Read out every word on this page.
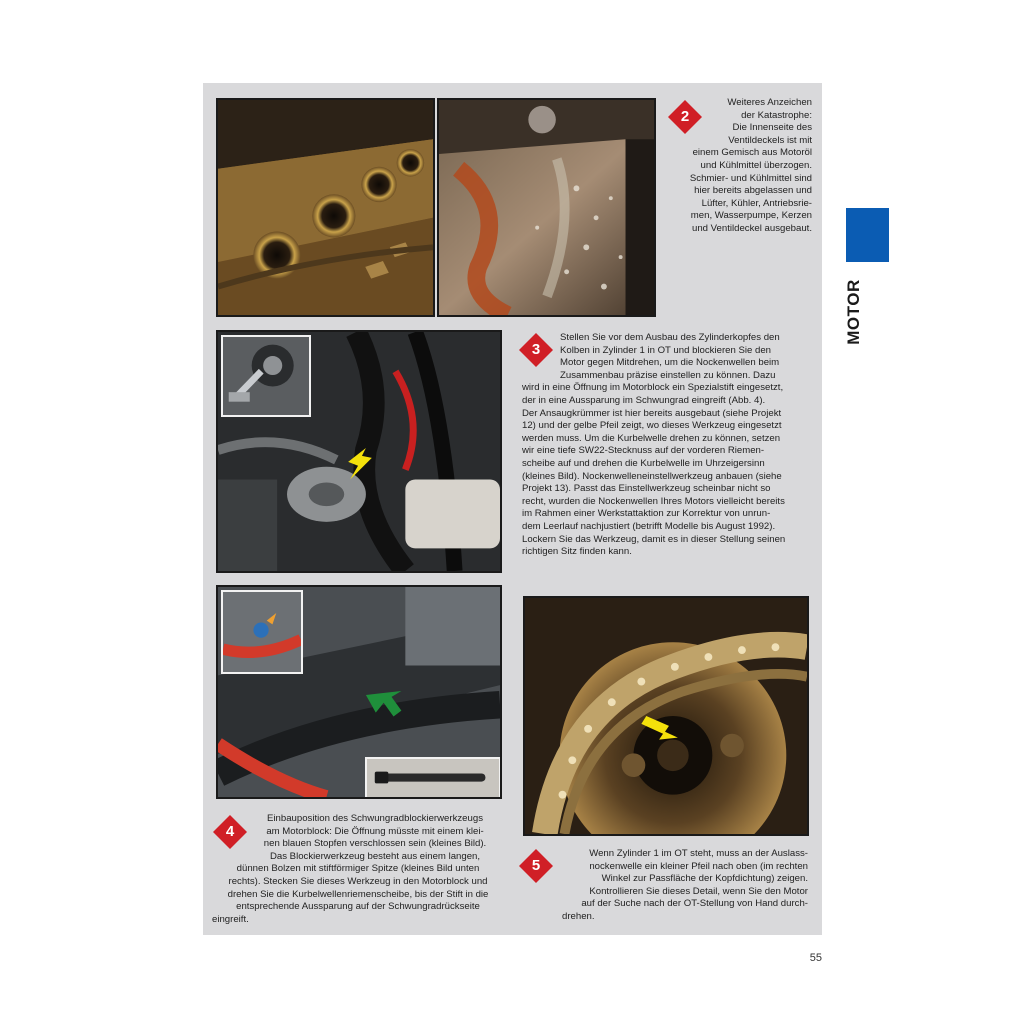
2
3
4
5
Weiteres Anzeichen
der Katastrophe:
Die Innenseite des
Ventildeckels ist mit
einem Gemisch aus Motoröl
und Kühlmittel überzogen.
Schmier- und Kühlmittel sind
hier bereits abgelassen und
Lüfter, Kühler, Antriebsrie-
men, Wasserpumpe, Kerzen
und Ventildeckel ausgebaut.
Stellen Sie vor dem Ausbau des Zylinderkopfes den
Kolben in Zylinder 1 in OT und blockieren Sie den
Motor gegen Mitdrehen, um die Nockenwellen beim
Zusammenbau präzise einstellen zu können. Dazu
wird in eine Öffnung im Motorblock ein Spezialstift eingesetzt,
der in eine Aussparung im Schwungrad eingreift (Abb. 4).
Der Ansaugkrümmer ist hier bereits ausgebaut (siehe Projekt
12) und der gelbe Pfeil zeigt, wo dieses Werkzeug eingesetzt
werden muss. Um die Kurbelwelle drehen zu können, setzen
wir eine tiefe SW22-Stecknuss auf der vorderen Riemen-
scheibe auf und drehen die Kurbelwelle im Uhrzeigersinn
(kleines Bild). Nockenwelleneinstellwerkzeug anbauen (siehe
Projekt 13). Passt das Einstellwerkzeug scheinbar nicht so
recht, wurden die Nockenwellen Ihres Motors vielleicht bereits
im Rahmen einer Werkstattaktion zur Korrektur von unrun-
dem Leerlauf nachjustiert (betrifft Modelle bis August 1992).
Lockern Sie das Werkzeug, damit es in dieser Stellung seinen
richtigen Sitz finden kann.
Einbauposition des Schwungradblockierwerkzeugs
am Motorblock: Die Öffnung müsste mit einem klei-
nen blauen Stopfen verschlossen sein (kleines Bild).
Das Blockierwerkzeug besteht aus einem langen,
dünnen Bolzen mit stiftförmiger Spitze (kleines Bild unten
rechts). Stecken Sie dieses Werkzeug in den Motorblock und
drehen Sie die Kurbelwellenriemenscheibe, bis der Stift in die
entsprechende Aussparung auf der Schwungradrückseite
eingreift.
Wenn Zylinder 1 im OT steht, muss an der Auslass-
nockenwelle ein kleiner Pfeil nach oben (im rechten
Winkel zur Passfläche der Kopfdichtung) zeigen.
Kontrollieren Sie dieses Detail, wenn Sie den Motor
auf der Suche nach der OT-Stellung von Hand durch-
drehen.
MOTOR
55
